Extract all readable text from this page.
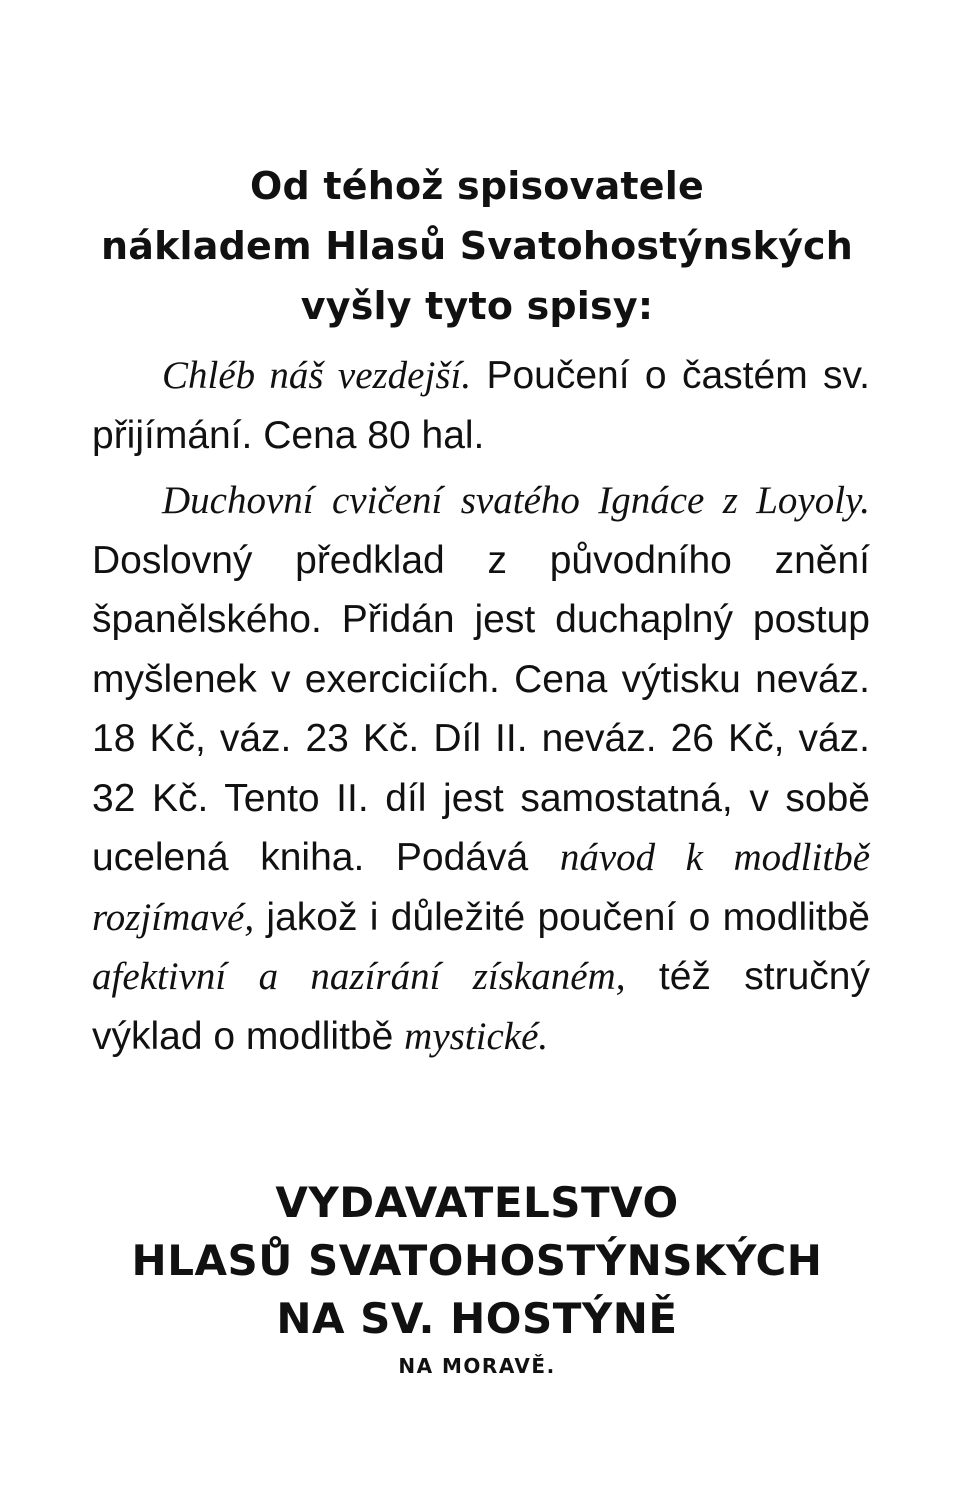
Od téhož spisovatele
nákladem Hlasů Svatohostýnských
vyšly tyto spisy:

Chléb náš vezdejší. Poučení o častém sv. přijímání. Cena 80 hal.

Duchovní cvičení svatého Ignáce z Loyoly. Doslovný předklad z původního znění španělského. Přidán jest duchaplný postup myšlenek v exerciciích. Cena výtisku neváz. 18 Kč, váz. 23 Kč. Díl II. neváz. 26 Kč, váz. 32 Kč. Tento II. díl jest samostatná, v sobě ucelená kniha. Podává návod k modlitbě rozjímavé, jakož i důležité poučení o modlitbě afektivní a nazírání získaném, též stručný výklad o modlitbě mystické.

VYDAVATELSTVO
HLASŮ SVATOHOSTÝNSKÝCH
NA SV. HOSTÝNĚ
NA MORAVĚ.
